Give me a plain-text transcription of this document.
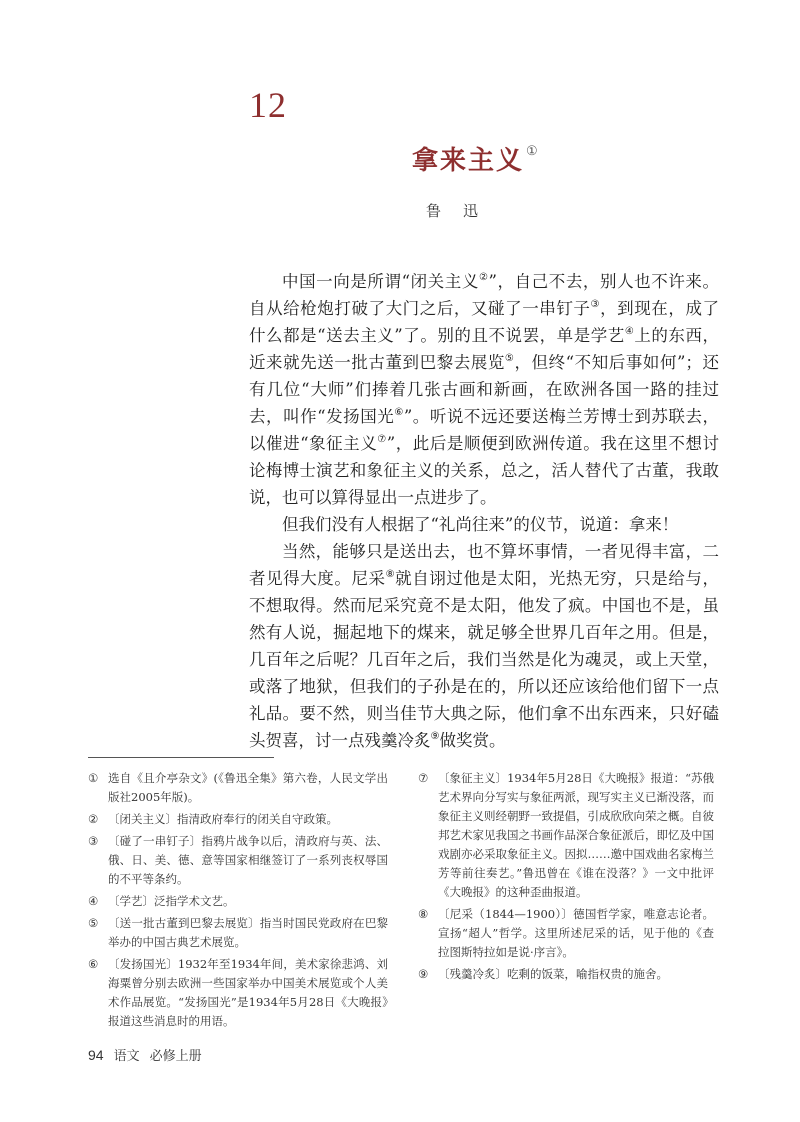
12
拿来主义 ①
鲁迅

中国一向是所谓“闭关主义②”，自己不去，别人也不许来。自从给枪炮打破了大门之后，又碰了一串钉子③，到现在，成了什么都是“送去主义”了。别的且不说罢，单是学艺④上的东西，近来就先送一批古董到巴黎去展览⑤，但终“不知后事如何”；还有几位“大师”们捧着几张古画和新画，在欧洲各国一路的挂过去，叫作“发扬国光⑥”。听说不远还要送梅兰芳博士到苏联去，以催进“象征主义⑦”，此后是顺便到欧洲传道。我在这里不想讨论梅博士演艺和象征主义的关系，总之，活人替代了古董，我敢说，也可以算得显出一点进步了。

但我们没有人根据了“礼尚往来”的仪节，说道：拿来！

当然，能够只是送出去，也不算坏事情，一者见得丰富，二者见得大度。尼采⑧就自诩过他是太阳，光热无穷，只是给与，不想取得。然而尼采究竟不是太阳，他发了疯。中国也不是，虽然有人说，掘起地下的煤来，就足够全世界几百年之用。但是，几百年之后呢？几百年之后，我们当然是化为魂灵，或上天堂，或落了地狱，但我们的子孙是在的，所以还应该给他们留下一点礼品。要不然，则当佳节大典之际，他们拿不出东西来，只好磕头贺喜，讨一点残羹冷炙⑨做奖赏。

① 选自《且介亭杂文》(《鲁迅全集》第六卷，人民文学出版社2005年版)。
② 〔闭关主义〕指清政府奉行的闭关自守政策。
③ 〔碰了一串钉子〕指鸦片战争以后，清政府与英、法、俄、日、美、德、意等国家相继签订了一系列丧权辱国的不平等条约。
④ 〔学艺〕泛指学术文艺。
⑤ 〔送一批古董到巴黎去展览〕指当时国民党政府在巴黎举办的中国古典艺术展览。
⑥ 〔发扬国光〕1932年至1934年间，美术家徐悲鸿、刘海粟曾分别去欧洲一些国家举办中国美术展览或个人美术作品展览。“发扬国光”是1934年5月28日《大晚报》报道这些消息时的用语。
⑦ 〔象征主义〕1934年5月28日《大晚报》报道：“苏俄艺术界向分写实与象征两派，现写实主义已渐没落，而象征主义则经朝野一致提倡，引成欣欣向荣之概。自彼邦艺术家见我国之书画作品深合象征派后，即忆及中国戏剧亦必采取象征主义。因拟……邀中国戏曲名家梅兰芳等前往奏艺。”鲁迅曾在《谁在没落？》一文中批评《大晚报》的这种歪曲报道。
⑧ 〔尼采（1844—1900）〕德国哲学家，唯意志论者。宣扬“超人”哲学。这里所述尼采的话，见于他的《查拉图斯特拉如是说·序言》。
⑨ 〔残羹冷炙〕吃剩的饭菜，喻指权贵的施舍。
94 语文 必修上册
